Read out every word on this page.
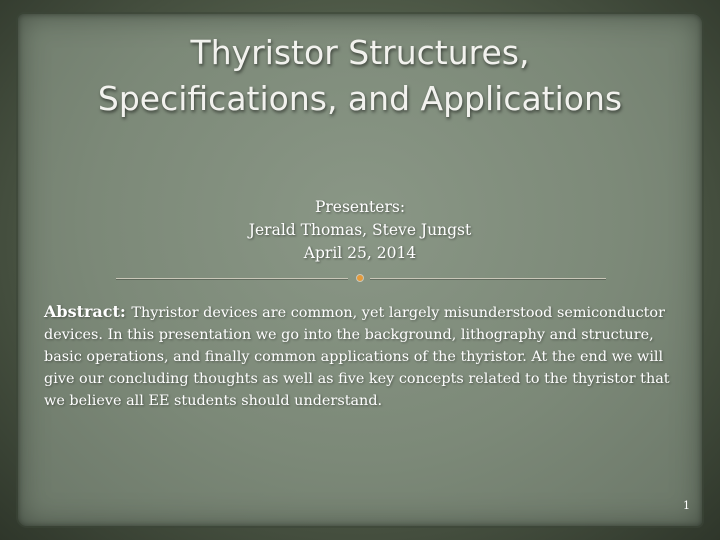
Thyristor Structures,
Specifications, and Applications
Presenters:
Jerald Thomas, Steve Jungst
April 25, 2014
Abstract: Thyristor devices are common, yet largely misunderstood semiconductor devices. In this presentation we go into the background, lithography and structure, basic operations, and finally common applications of the thyristor. At the end we will give our concluding thoughts as well as five key concepts related to the thyristor that we believe all EE students should understand.
1
